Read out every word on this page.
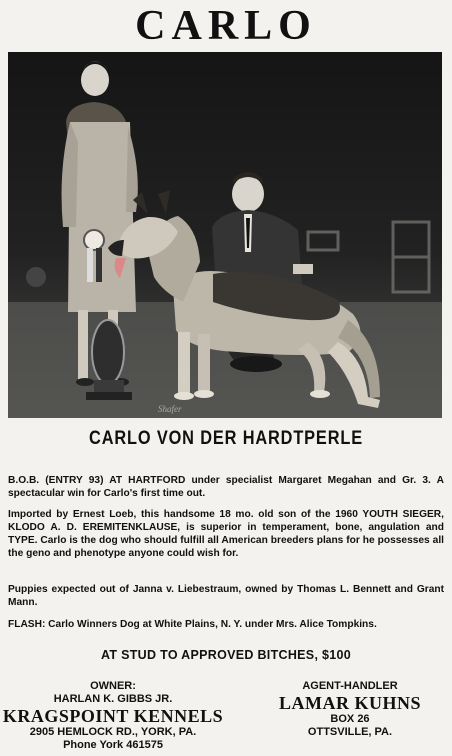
CARLO
Shafer
CARLO VON DER HARDTPERLE
B.O.B. (ENTRY 93) AT HARTFORD under specialist Margaret Megahan and Gr. 3. A spectacular win for Carlo's first time out.
Imported by Ernest Loeb, this handsome 18 mo. old son of the 1960 YOUTH SIEGER, KLODO A. D. EREMITENKLAUSE, is superior in temperament, bone, angulation and TYPE. Carlo is the dog who should fulfill all American breeders plans for he possesses all the geno and phenotype anyone could wish for.
Puppies expected out of Janna v. Liebestraum, owned by Thomas L. Bennett and Grant Mann.
FLASH: Carlo Winners Dog at White Plains, N. Y. under Mrs. Alice Tompkins.
AT STUD TO APPROVED BITCHES, $100
OWNER:
HARLAN K. GIBBS JR.
KRAGSPOINT KENNELS
2905 HEMLOCK RD., YORK, PA.
Phone York 461575
AGENT-HANDLER
LAMAR KUHNS
BOX 26
OTTSVILLE, PA.
